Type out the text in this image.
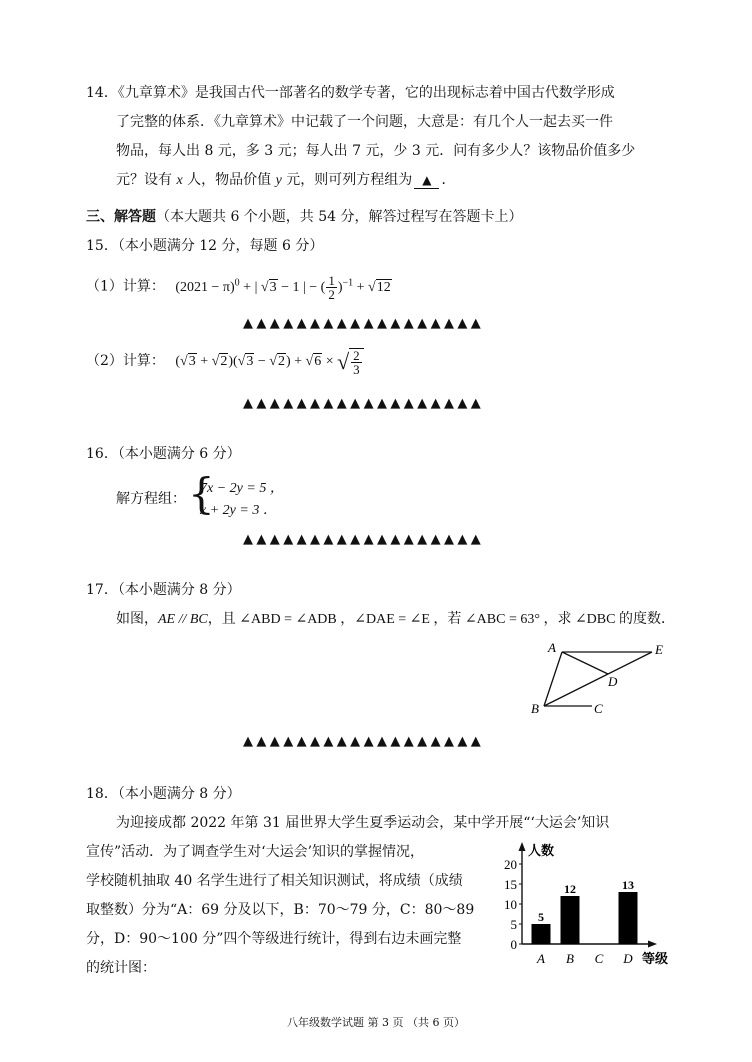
14．《九章算术》是我国古代一部著名的数学专著，它的出现标志着中国古代数学形成
了完整的体系．《九章算术》中记载了一个问题，大意是：有几个人一起去买一件
物品，每人出 8 元，多 3 元；每人出 7 元，少 3 元．问有多少人？该物品价值多少
元？设有 x 人，物品价值 y 元，则可列方程组为 ▲ ．
三、解答题（本大题共 6 个小题，共 54 分，解答过程写在答题卡上）
15．（本小题满分 12 分，每题 6 分）
（1）计算： $(2021 - \pi)^0$ + | √3 − 1 | − ( $\frac{1}{2} )^{-1} + √12$
▲▲▲▲▲▲▲▲▲▲▲▲▲▲▲▲▲▲
（2）计算： (√3 + √2)(√3 − √2) + √6 × √ $\frac{2}{3}$
▲▲▲▲▲▲▲▲▲▲▲▲▲▲▲▲▲▲
16．（本小题满分 6 分）
解方程组： {
7x − 2y = 5 ，
x + 2y = 3 ．
▲▲▲▲▲▲▲▲▲▲▲▲▲▲▲▲▲▲
17．（本小题满分 8 分）
如图，AE // BC，且 ∠ABD = ∠ADB ，∠DAE = ∠E ，若 ∠ABC = 63° ，求 ∠DBC 的度数．
A	E
D
B	C
▲▲▲▲▲▲▲▲▲▲▲▲▲▲▲▲▲▲
18．（本小题满分 8 分）
为迎接成都 2022 年第 31 届世界大学生夏季运动会，某中学开展“‘大运会’知识
宣传”活动．为了调查学生对‘大运会’知识的掌握情况，
学校随机抽取 40 名学生进行了相关知识测试，将成绩（成绩
取整数）分为“A：69 分及以下，B：70～79 分，C：80～89
分，D：90～100 分”四个等级进行统计，得到右边未画完整
的统计图：
人数
等级
0
5
10
15
20
5
A
12
B C
13
D
八年级数学试题 第 3 页 （共 6 页）
